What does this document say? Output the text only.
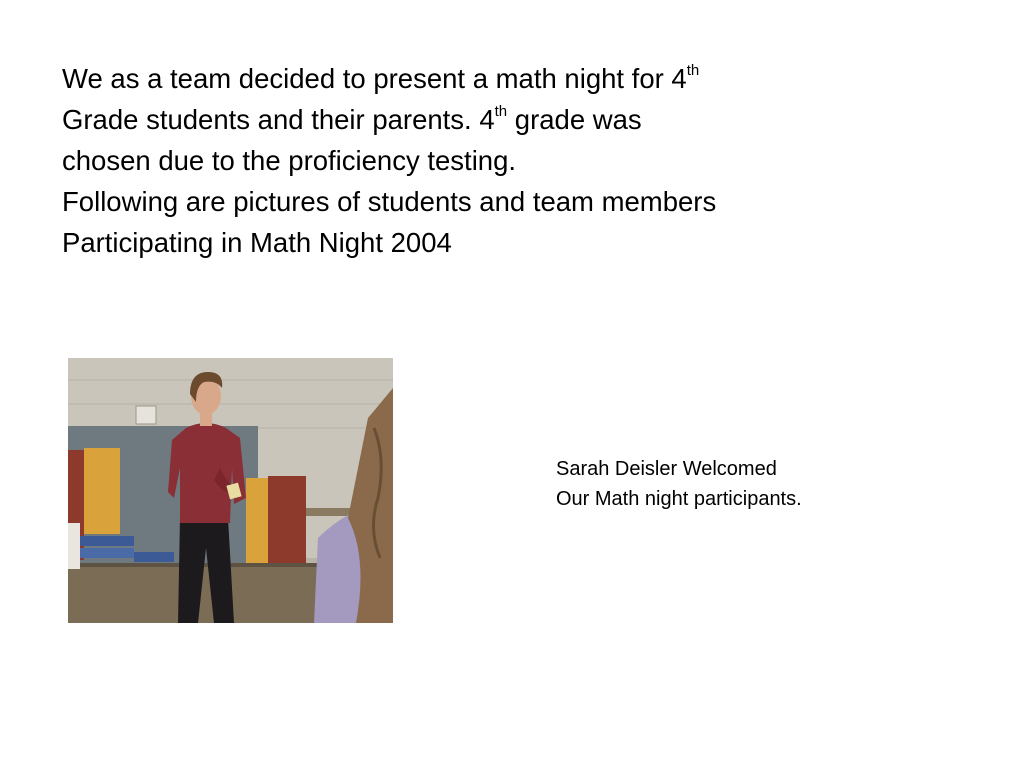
We as a team decided to present a math night for 4th
Grade students and their parents. 4th grade was
chosen due to the proficiency testing.
Following are pictures of students and team members
Participating in Math Night 2004
Sarah Deisler Welcomed
Our Math night participants.
